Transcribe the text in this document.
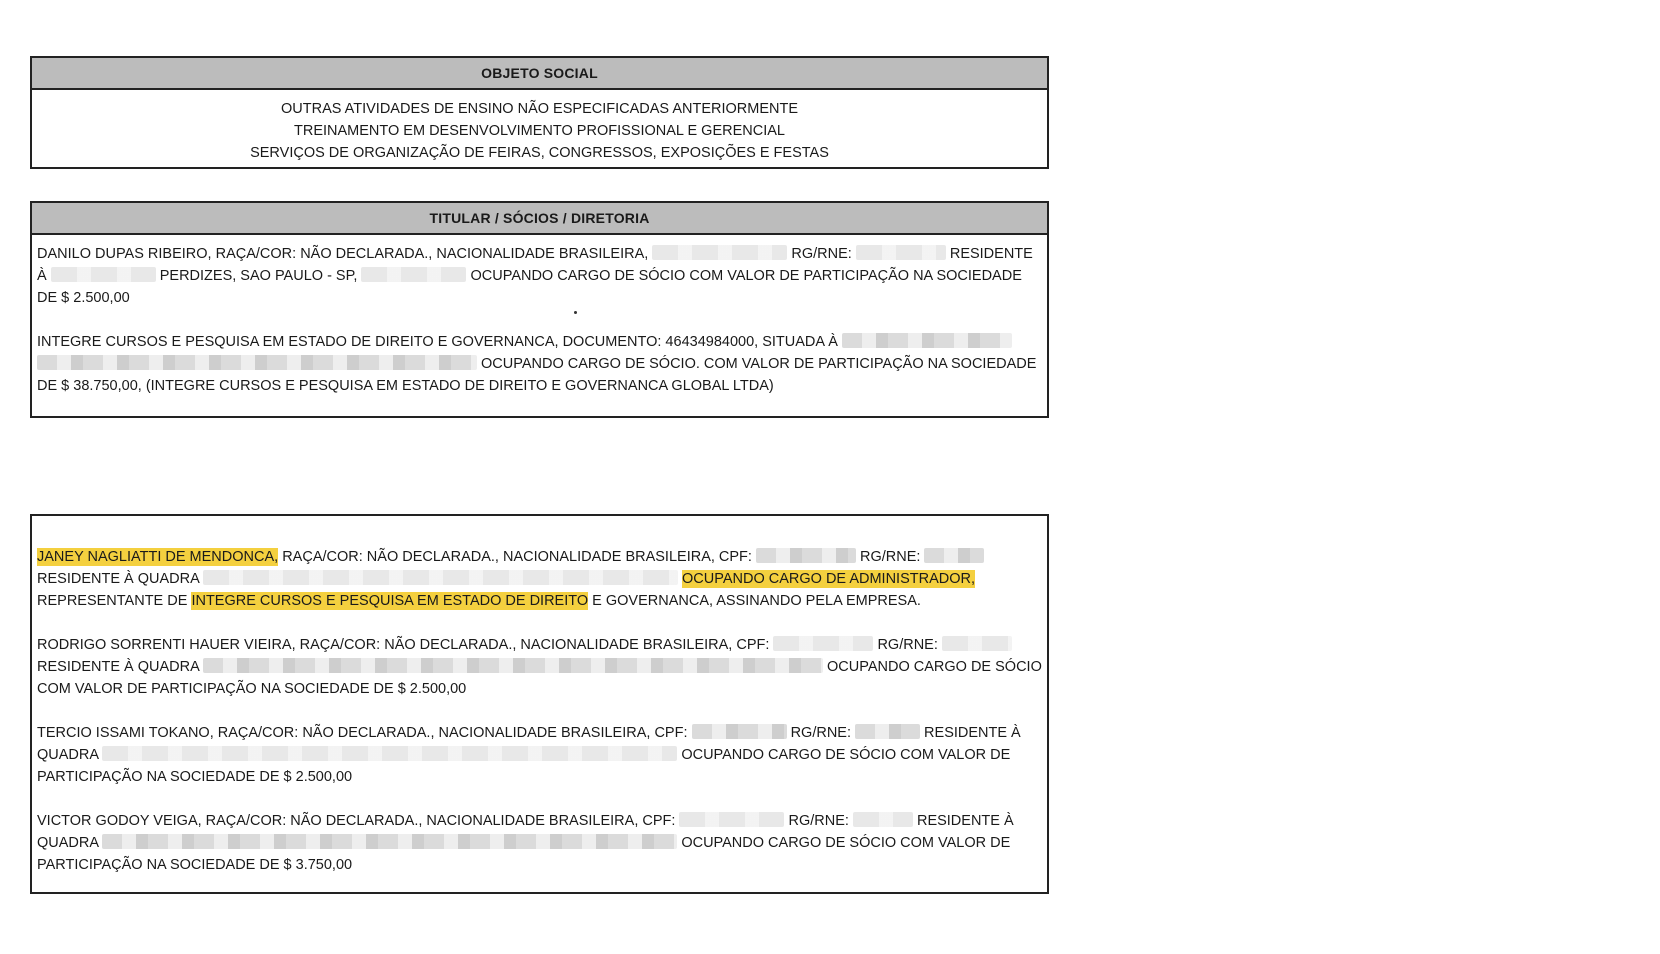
OBJETO SOCIAL
OUTRAS ATIVIDADES DE ENSINO NÃO ESPECIFICADAS ANTERIORMENTE
TREINAMENTO EM DESENVOLVIMENTO PROFISSIONAL E GERENCIAL
SERVIÇOS DE ORGANIZAÇÃO DE FEIRAS, CONGRESSOS, EXPOSIÇÕES E FESTAS
TITULAR / SÓCIOS / DIRETORIA
DANILO DUPAS RIBEIRO, RAÇA/COR: NÃO DECLARADA., NACIONALIDADE BRASILEIRA,	RG/RNE:	RESIDENTE À	PERDIZES, SAO PAULO - SP,	OCUPANDO CARGO DE SÓCIO COM VALOR DE PARTICIPAÇÃO NA SOCIEDADE DE $ 2.500,00
INTEGRE CURSOS E PESQUISA EM ESTADO DE DIREITO E GOVERNANCA, DOCUMENTO: 46434984000, SITUADA À   OCUPANDO CARGO DE SÓCIO. COM VALOR DE PARTICIPAÇÃO NA SOCIEDADE DE $ 38.750,00, (INTEGRE CURSOS E PESQUISA EM ESTADO DE DIREITO E GOVERNANCA GLOBAL LTDA)
JANEY NAGLIATTI DE MENDONCA, RAÇA/COR: NÃO DECLARADA., NACIONALIDADE BRASILEIRA, CPF:	RG/RNE:  RESIDENTE À QUADRA	OCUPANDO CARGO DE ADMINISTRADOR, REPRESENTANTE DE INTEGRE CURSOS E PESQUISA EM ESTADO DE DIREITO E GOVERNANCA, ASSINANDO PELA EMPRESA.
RODRIGO SORRENTI HAUER VIEIRA, RAÇA/COR: NÃO DECLARADA., NACIONALIDADE BRASILEIRA, CPF:	RG/RNE:  RESIDENTE À QUADRA	OCUPANDO CARGO DE SÓCIO COM VALOR DE PARTICIPAÇÃO NA SOCIEDADE DE $ 2.500,00
TERCIO ISSAMI TOKANO, RAÇA/COR: NÃO DECLARADA., NACIONALIDADE BRASILEIRA, CPF:	RG/RNE:	RESIDENTE À QUADRA	OCUPANDO CARGO DE SÓCIO COM VALOR DE PARTICIPAÇÃO NA SOCIEDADE DE $ 2.500,00
VICTOR GODOY VEIGA, RAÇA/COR: NÃO DECLARADA., NACIONALIDADE BRASILEIRA, CPF:	RG/RNE:	RESIDENTE À QUADRA	OCUPANDO CARGO DE SÓCIO COM VALOR DE PARTICIPAÇÃO NA SOCIEDADE DE $ 3.750,00
